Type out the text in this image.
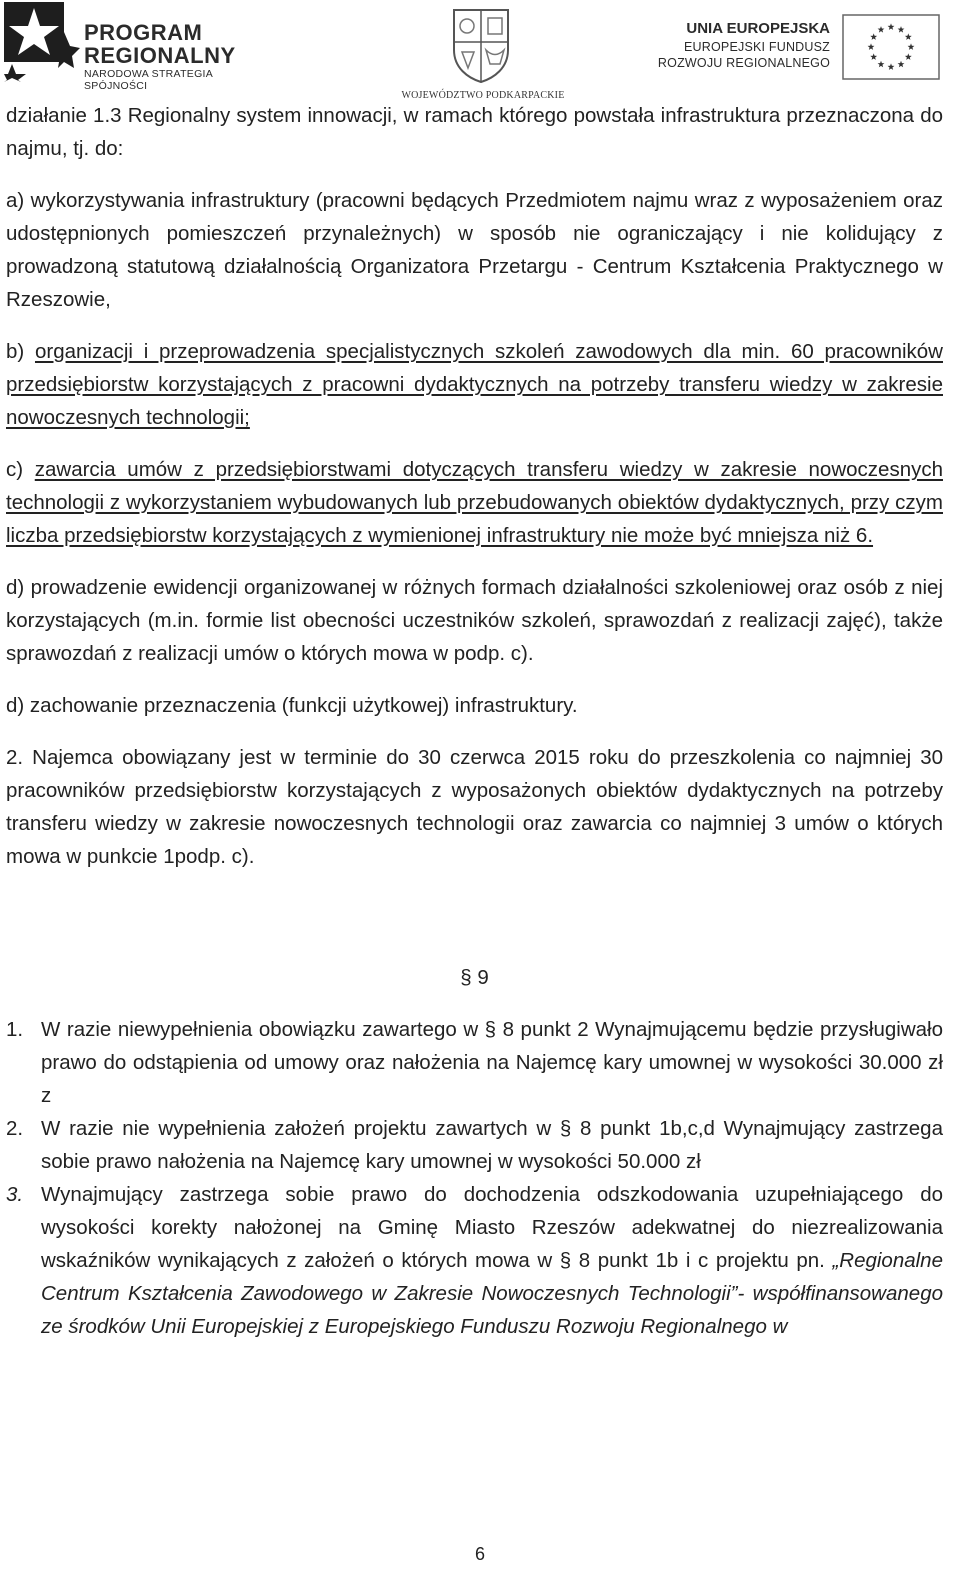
PROGRAM
REGIONALNY
NARODOWA STRATEGIA SPÓJNOŚCI
WOJEWÓDZTWO PODKARPACKIE
UNIA EUROPEJSKA
EUROPEJSKI FUNDUSZ
ROZWOJU REGIONALNEGO

działanie 1.3 Regionalny system innowacji, w ramach którego powstała infrastruktura przeznaczona do najmu, tj. do:

a) wykorzystywania infrastruktury (pracowni będących Przedmiotem najmu wraz z wyposażeniem oraz udostępnionych pomieszczeń przynależnych) w sposób nie ograniczający i nie kolidujący z prowadzoną statutową działalnością Organizatora Przetargu - Centrum Kształcenia Praktycznego w Rzeszowie,

b) organizacji i przeprowadzenia specjalistycznych szkoleń zawodowych dla min. 60 pracowników przedsiębiorstw korzystających z pracowni dydaktycznych na potrzeby transferu wiedzy w zakresie nowoczesnych technologii;

c) zawarcia umów z przedsiębiorstwami dotyczących transferu wiedzy w zakresie nowoczesnych technologii z wykorzystaniem wybudowanych lub przebudowanych obiektów dydaktycznych, przy czym liczba przedsiębiorstw korzystających z wymienionej infrastruktury nie może być mniejsza niż 6.

d) prowadzenie ewidencji organizowanej w różnych formach działalności szkoleniowej oraz osób z niej korzystających (m.in. formie list obecności uczestników szkoleń, sprawozdań z realizacji zajęć), także sprawozdań z realizacji umów o których mowa w podp. c).

d) zachowanie przeznaczenia (funkcji użytkowej) infrastruktury.

2. Najemca obowiązany jest w terminie do 30 czerwca 2015 roku do przeszkolenia co najmniej 30 pracowników przedsiębiorstw korzystających z wyposażonych obiektów dydaktycznych na potrzeby transferu wiedzy w zakresie nowoczesnych technologii oraz zawarcia co najmniej 3 umów o których mowa w punkcie 1podp. c).

§ 9
1. W razie niewypełnienia obowiązku zawartego w § 8 punkt 2 Wynajmującemu będzie przysługiwało prawo do odstąpienia od umowy oraz nałożenia na Najemcę kary umownej w wysokości 30.000 zł z
2. W razie nie wypełnienia założeń projektu zawartych w § 8 punkt 1b,c,d Wynajmujący zastrzega sobie prawo nałożenia na Najemcę kary umownej w wysokości 50.000 zł
3. Wynajmujący zastrzega sobie prawo do dochodzenia odszkodowania uzupełniającego do wysokości korekty nałożonej na Gminę Miasto Rzeszów adekwatnej do niezrealizowania wskaźników wynikających z założeń o których mowa w § 8 punkt 1b i c projektu pn. „Regionalne Centrum Kształcenia Zawodowego w Zakresie Nowoczesnych Technologii”- współfinansowanego ze środków Unii Europejskiej z Europejskiego Funduszu Rozwoju Regionalnego w
6
